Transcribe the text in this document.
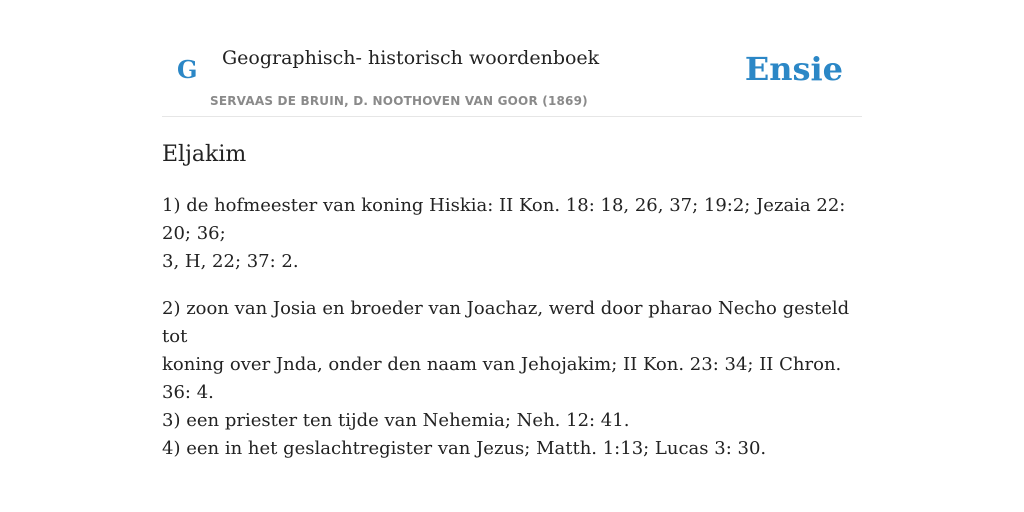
G Geographisch- historisch woordenboek
SERVAAS DE BRUIN, D. NOOTHOVEN VAN GOOR (1869)
Ensie
Eljakim

1) de hofmeester van koning Hiskia: II Kon. 18: 18, 26, 37; 19:2; Jezaia 22: 20; 36;
3, H, 22; 37: 2.

2) zoon van Josia en broeder van Joachaz, werd door pharao Necho gesteld tot
koning over Jnda, onder den naam van Jehojakim; II Kon. 23: 34; II Chron. 36: 4.
3) een priester ten tijde van Nehemia; Neh. 12: 41.
4) een in het geslachtregister van Jezus; Matth. 1:13; Lucas 3: 30.
